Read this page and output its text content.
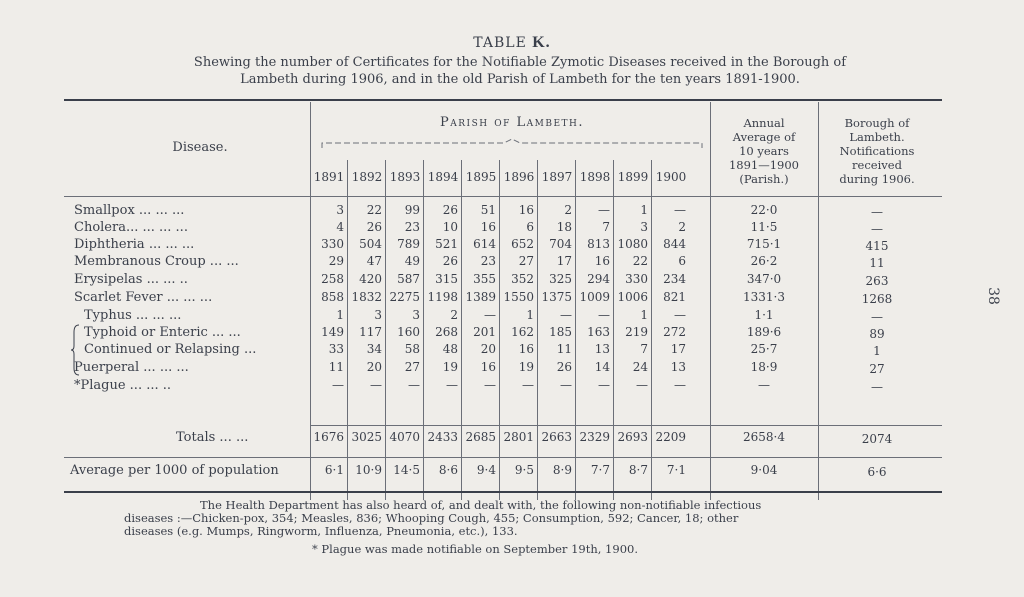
TABLE K.
Shewing the number of Certificates for the Notifiable Zymotic Diseases received in the Borough of
Lambeth during 1906, and in the old Parish of Lambeth for the ten years 1891-1900.
Disease.
Parish of Lambeth.	Annual
Average of
10 years
1891—1900
(Parish.)
Borough of
Lambeth.
Notifications
received
during 1906.
1891 1892 1893 1894 1895 1896 1897 1898 1899 1900
Smallpox ... ... ...	3	22	99	26	51	16	2	—	1	—	22·0	—
Cholera... ... ... ...	4	26	23	10	16	6	18	7	3	2	11·5	—
Diphtheria ... ... ...	330	504	789	521	614	652	704	813 1080	844	715·1	415
Membranous Croup ... ...	29	47	49	26	23	27	17	16	22	6	26·2	11
Erysipelas ... ... ..	258	420	587	315	355	352	325	294	330	234	347·0	263
Scarlet Fever ... ... ...	858 1832 2275 1198 1389 1550 1375 1009 1006	821	1331·3	1268
Typhus ... ... ...	1	3	3	2	—	1	—	—	1	—	1·1	—
Typhoid or Enteric ... ...	149	117	160	268	201	162	185	163	219	272	189·6	89
Continued or Relapsing ...	33	34	58	48	20	16	11	13	7	17	25·7	1
Puerperal ... ... ...	11	20	27	19	16	19	26	14	24	13	18·9	27
*Plague ... ... ..	—	—	—	—	—	—	—	—	—	—	—	—
Totals ... ...	1676 3025 4070 2433 2685 2801 2663 2329 2693 2209	2658·4	2074
Average per 1000 of population	6·1 10·9 14·5	8·6	9·4	9·5	8·9	7·7	8·7	7·1	9·04	6·6
The Health Department has also heard of, and dealt with, the following non-notifiable infectious
diseases :—Chicken-pox, 354; Measles, 836; Whooping Cough, 455; Consumption, 592; Cancer, 18; other
diseases (e.g. Mumps, Ringworm, Influenza, Pneumonia, etc.), 133.
* Plague was made notifiable on September 19th, 1900.
38
